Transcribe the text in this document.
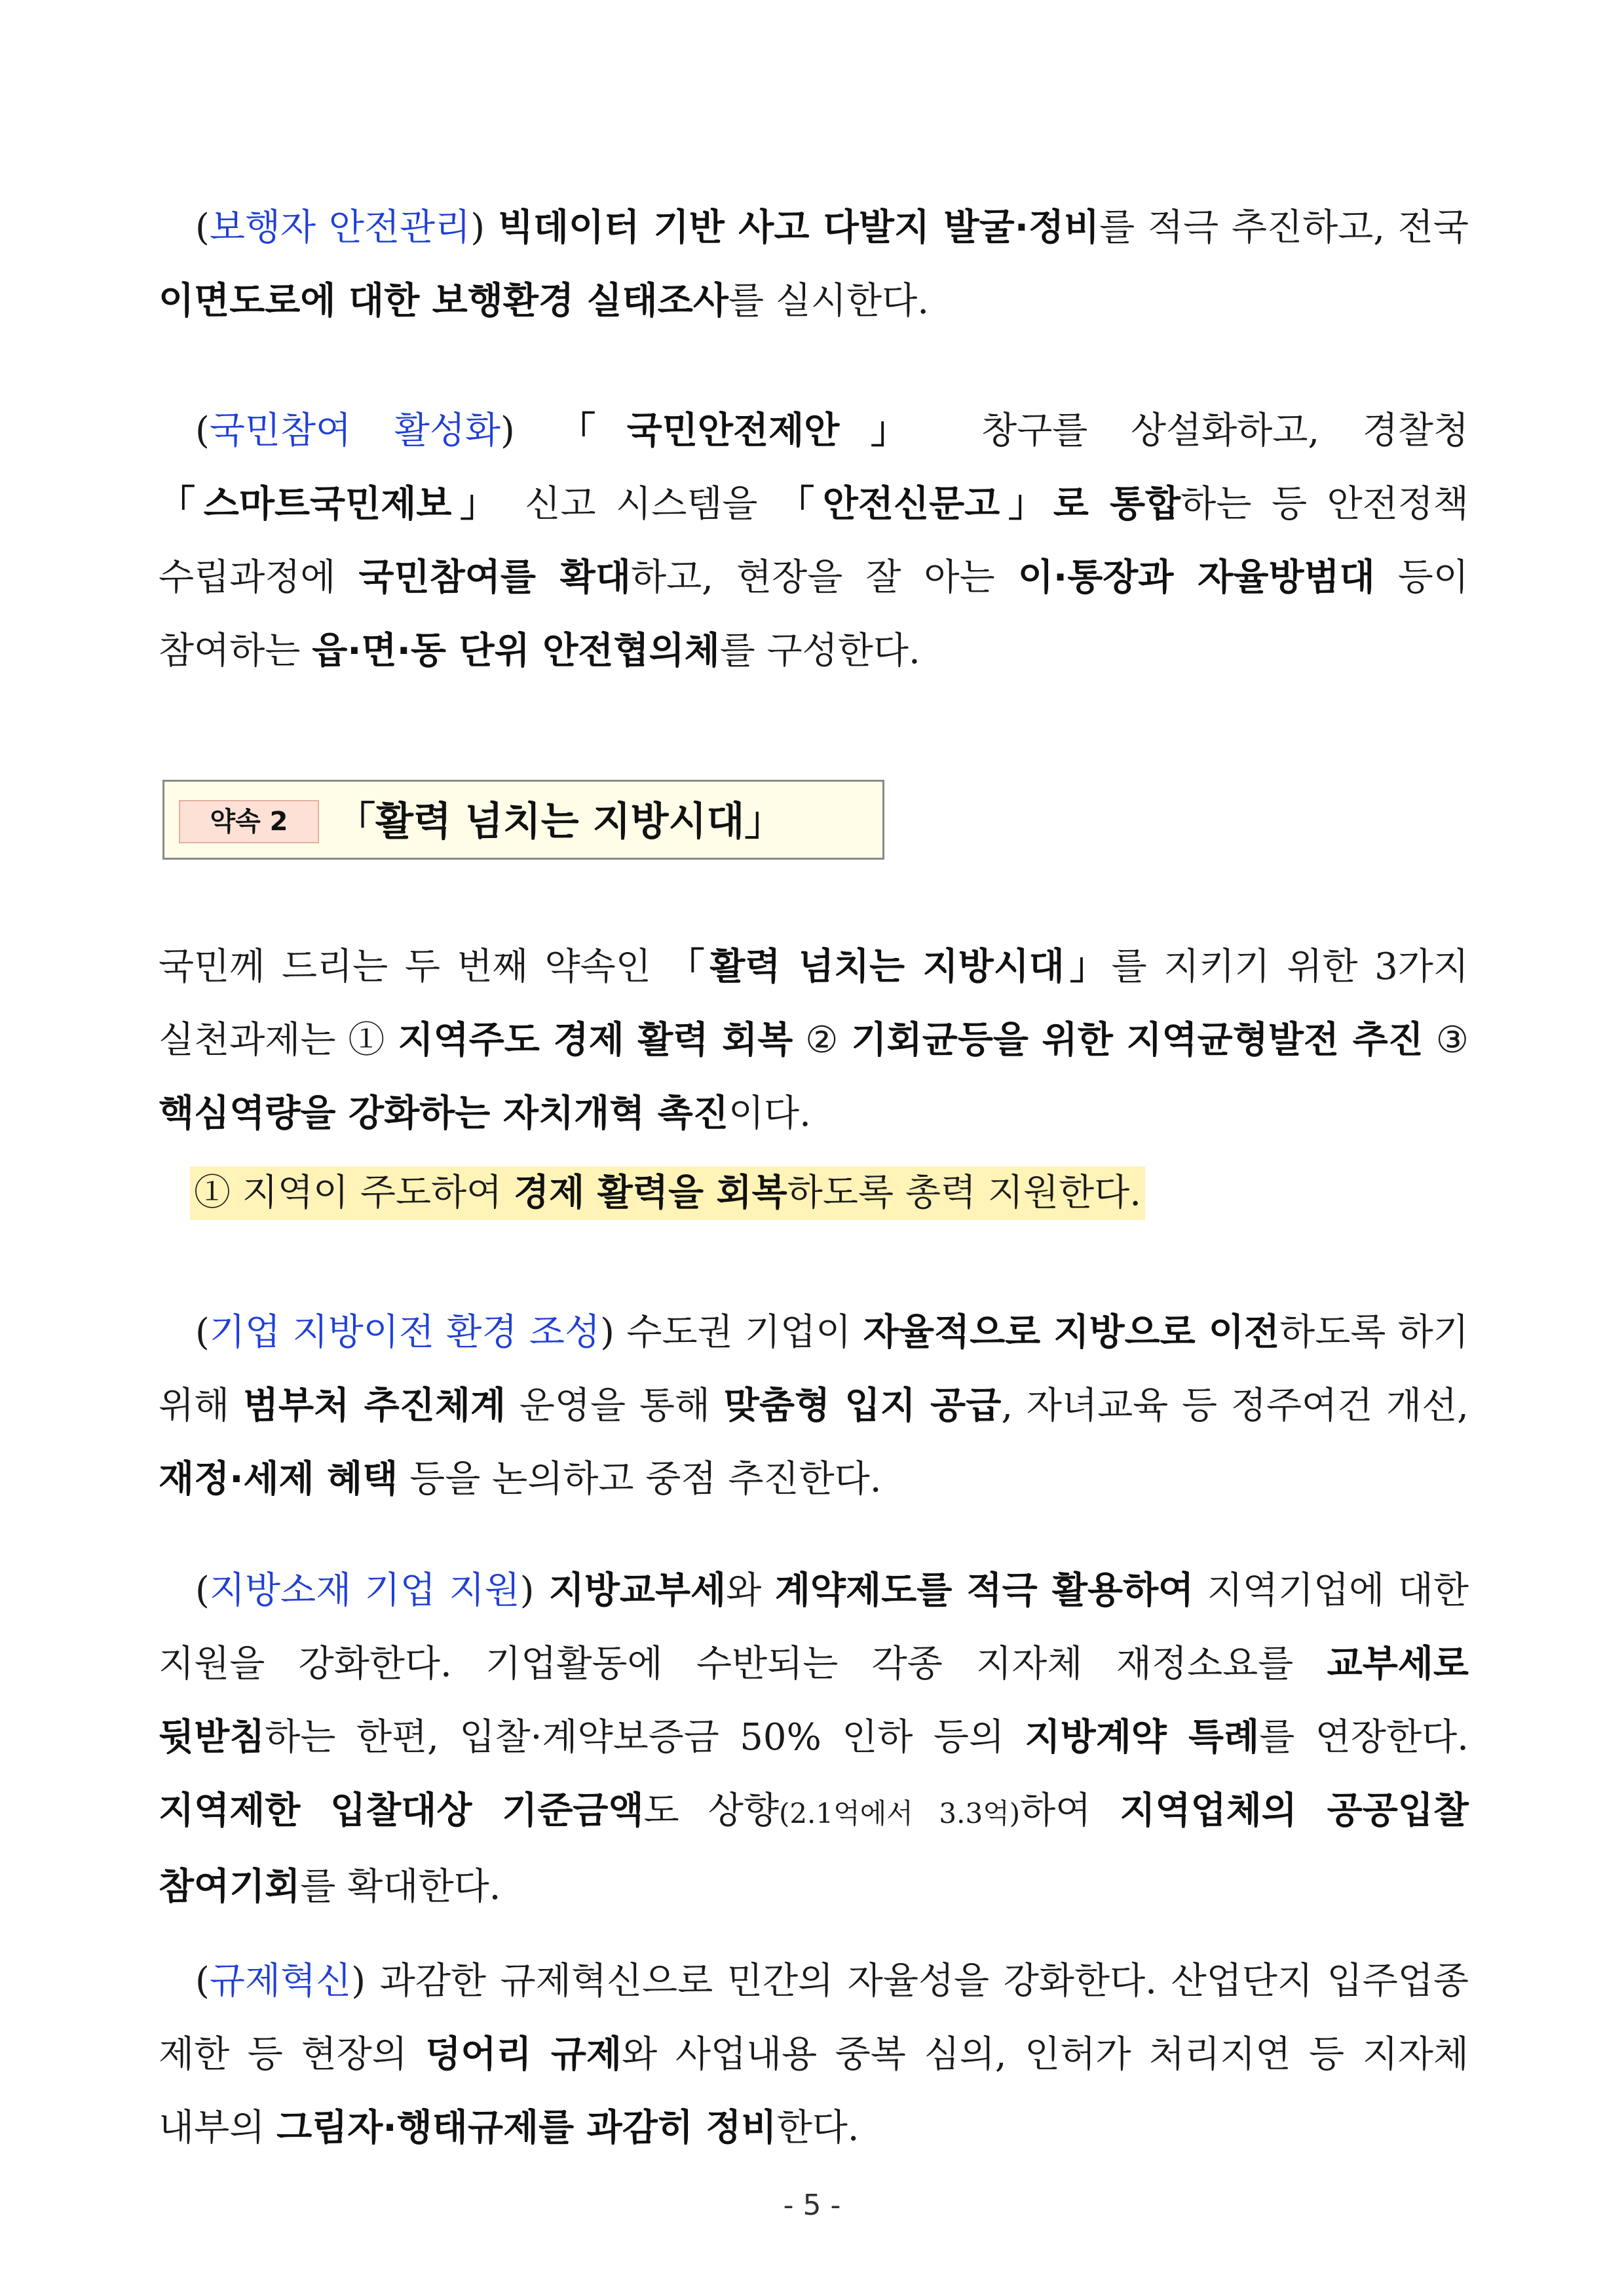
(보행자 안전관리) 빅데이터 기반 사고 다발지 발굴·정비를 적극 추진하고, 전국 이면도로에 대한 보행환경 실태조사를 실시한다.

(국민참여 활성화) 「국민안전제안」 창구를 상설화하고, 경찰청 「스마트국민제보」 신고 시스템을 「안전신문고」로 통합하는 등 안전정책 수립과정에 국민참여를 확대하고, 현장을 잘 아는 이·통장과 자율방범대 등이 참여하는 읍·면·동 단위 안전협의체를 구성한다.

약속 2	「활력 넘치는 지방시대」

국민께 드리는 두 번째 약속인 「활력 넘치는 지방시대」를 지키기 위한 3가지 실천과제는 ① 지역주도 경제 활력 회복 ② 기회균등을 위한 지역균형발전 추진 ③ 핵심역량을 강화하는 자치개혁 촉진이다.

① 지역이 주도하여 경제 활력을 회복하도록 총력 지원한다.

(기업 지방이전 환경 조성) 수도권 기업이 자율적으로 지방으로 이전하도록 하기 위해 범부처 추진체계 운영을 통해 맞춤형 입지 공급, 자녀교육 등 정주여건 개선, 재정·세제 혜택 등을 논의하고 중점 추진한다.

(지방소재 기업 지원) 지방교부세와 계약제도를 적극 활용하여 지역기업에 대한 지원을 강화한다. 기업활동에 수반되는 각종 지자체 재정소요를 교부세로 뒷받침하는 한편, 입찰·계약보증금 50% 인하 등의 지방계약 특례를 연장한다. 지역제한 입찰대상 기준금액도 상향(2.1억에서 3.3억)하여 지역업체의 공공입찰 참여기회를 확대한다.

(규제혁신) 과감한 규제혁신으로 민간의 자율성을 강화한다. 산업단지 입주업종 제한 등 현장의 덩어리 규제와 사업내용 중복 심의, 인허가 처리지연 등 지자체 내부의 그림자·행태규제를 과감히 정비한다.

- 5 -
